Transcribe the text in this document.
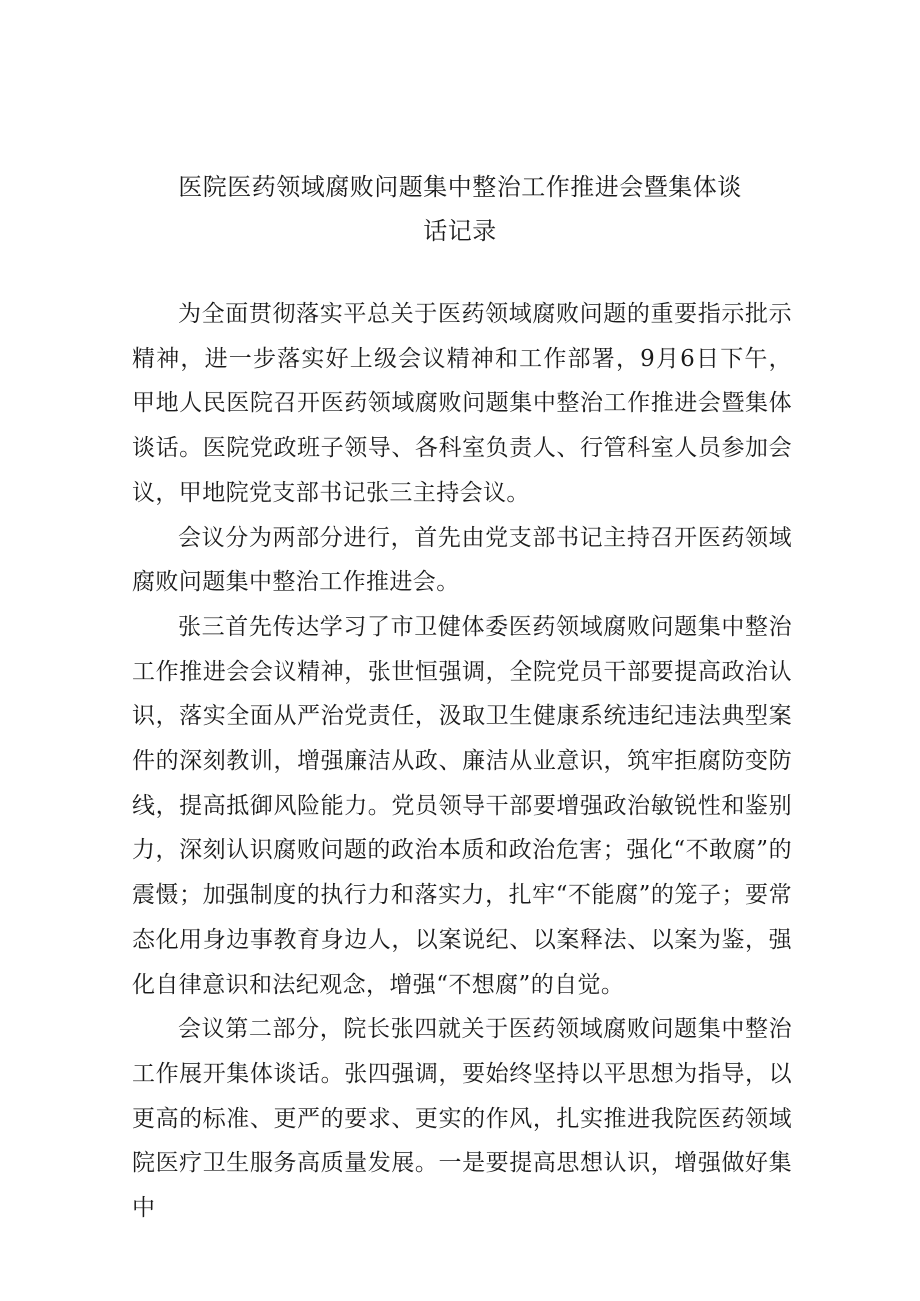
医院医药领域腐败问题集中整治工作推进会暨集体谈
话记录

为全面贯彻落实平总关于医药领域腐败问题的重要指示批示精神，进一步落实好上级会议精神和工作部署，9月6日下午，甲地人民医院召开医药领域腐败问题集中整治工作推进会暨集体谈话。医院党政班子领导、各科室负责人、行管科室人员参加会议，甲地院党支部书记张三主持会议。

会议分为两部分进行，首先由党支部书记主持召开医药领域腐败问题集中整治工作推进会。

张三首先传达学习了市卫健体委医药领域腐败问题集中整治工作推进会会议精神，张世恒强调，全院党员干部要提高政治认识，落实全面从严治党责任，汲取卫生健康系统违纪违法典型案件的深刻教训，增强廉洁从政、廉洁从业意识，筑牢拒腐防变防线，提高抵御风险能力。党员领导干部要增强政治敏锐性和鉴别力，深刻认识腐败问题的政治本质和政治危害；强化“不敢腐”的震慑；加强制度的执行力和落实力，扎牢“不能腐”的笼子；要常态化用身边事教育身边人，以案说纪、以案释法、以案为鉴，强化自律意识和法纪观念，增强“不想腐”的自觉。

会议第二部分，院长张四就关于医药领域腐败问题集中整治工作展开集体谈话。张四强调，要始终坚持以平思想为指导，以更高的标准、更严的要求、更实的作风，扎实推进我院医药领域院医疗卫生服务高质量发展。一是要提高思想认识，增强做好集中
